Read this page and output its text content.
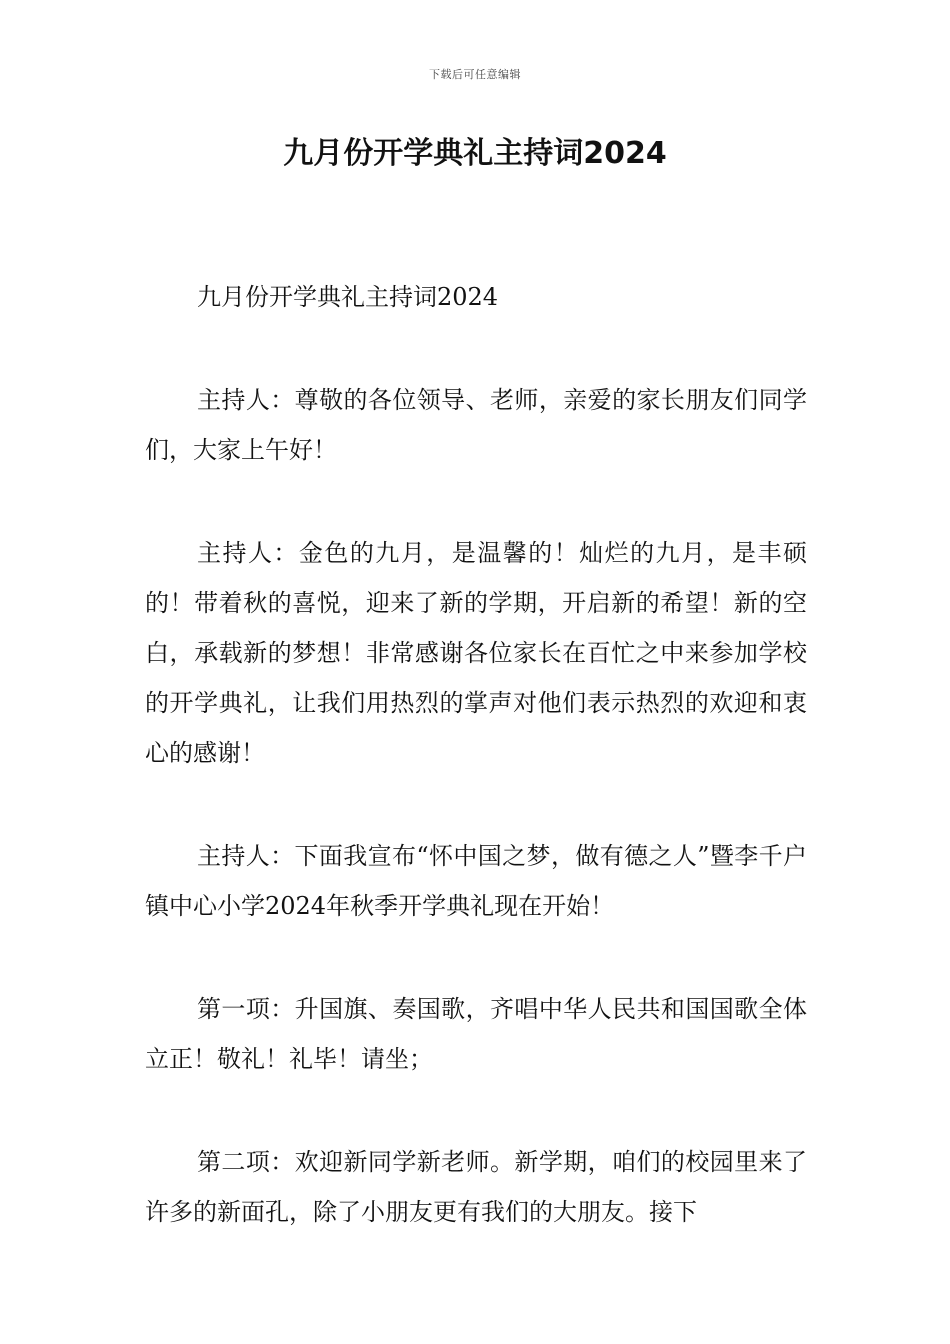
下载后可任意编辑
九月份开学典礼主持词2024

九月份开学典礼主持词2024

主持人：尊敬的各位领导、老师，亲爱的家长朋友们同学们，大家上午好！

主持人：金色的九月，是温馨的！灿烂的九月，是丰硕的！带着秋的喜悦，迎来了新的学期，开启新的希望！新的空白，承载新的梦想！非常感谢各位家长在百忙之中来参加学校的开学典礼，让我们用热烈的掌声对他们表示热烈的欢迎和衷心的感谢！

主持人：下面我宣布“怀中国之梦，做有德之人”暨李千户镇中心小学2024年秋季开学典礼现在开始！

第一项：升国旗、奏国歌，齐唱中华人民共和国国歌全体立正！敬礼！礼毕！请坐；

第二项：欢迎新同学新老师。新学期，咱们的校园里来了许多的新面孔，除了小朋友更有我们的大朋友。接下
